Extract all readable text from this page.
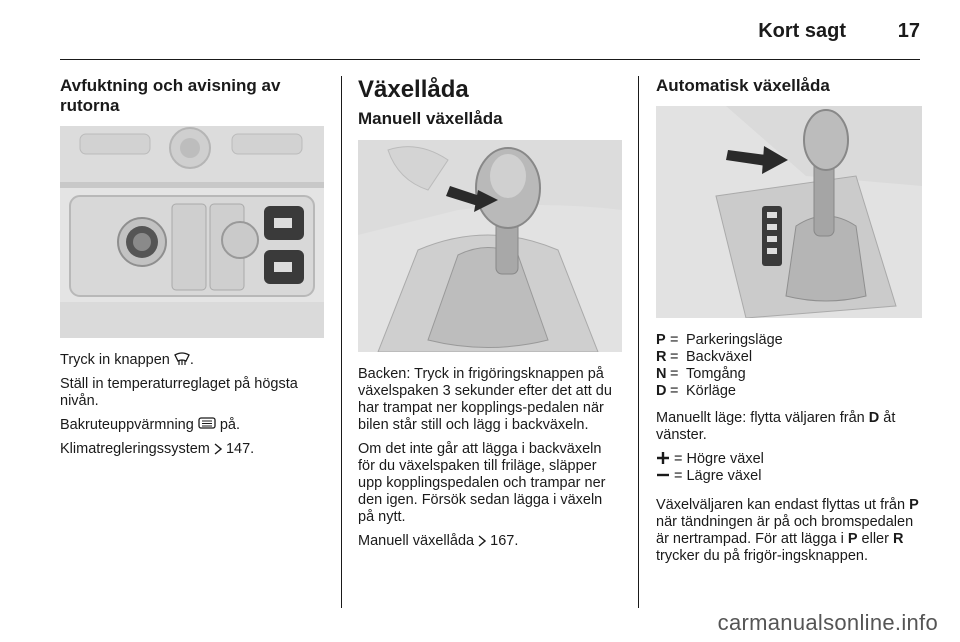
Kort sagt	17
Avfuktning och avisning av rutorna

Tryck in knappen .

Ställ in temperaturreglaget på högsta nivån.

Bakruteuppvärmning  på.

Klimatregleringssystem  147.

Växellåda
Manuell växellåda

Backen: Tryck in frigöringsknappen på växelspaken 3 sekunder efter det att du har trampat ner kopplings-pedalen när bilen står still och lägg i backväxeln.

Om det inte går att lägga i backväxeln för du växelspaken till friläge, släpper upp kopplingspedalen och trampar ner den igen. Försök sedan lägga i växeln på nytt.

Manuell växellåda  167.

Automatisk växellåda
P = Parkeringsläge
R = Backväxel
N = Tomgång
D = Körläge

Manuellt läge: flytta väljaren från D åt vänster.

= Högre växel
= Lägre växel

Växelväljaren kan endast flyttas ut från P när tändningen är på och bromspedalen är nertrampad. För att lägga i P eller R trycker du på frigör-ingsknappen.

carmanualsonline.info
